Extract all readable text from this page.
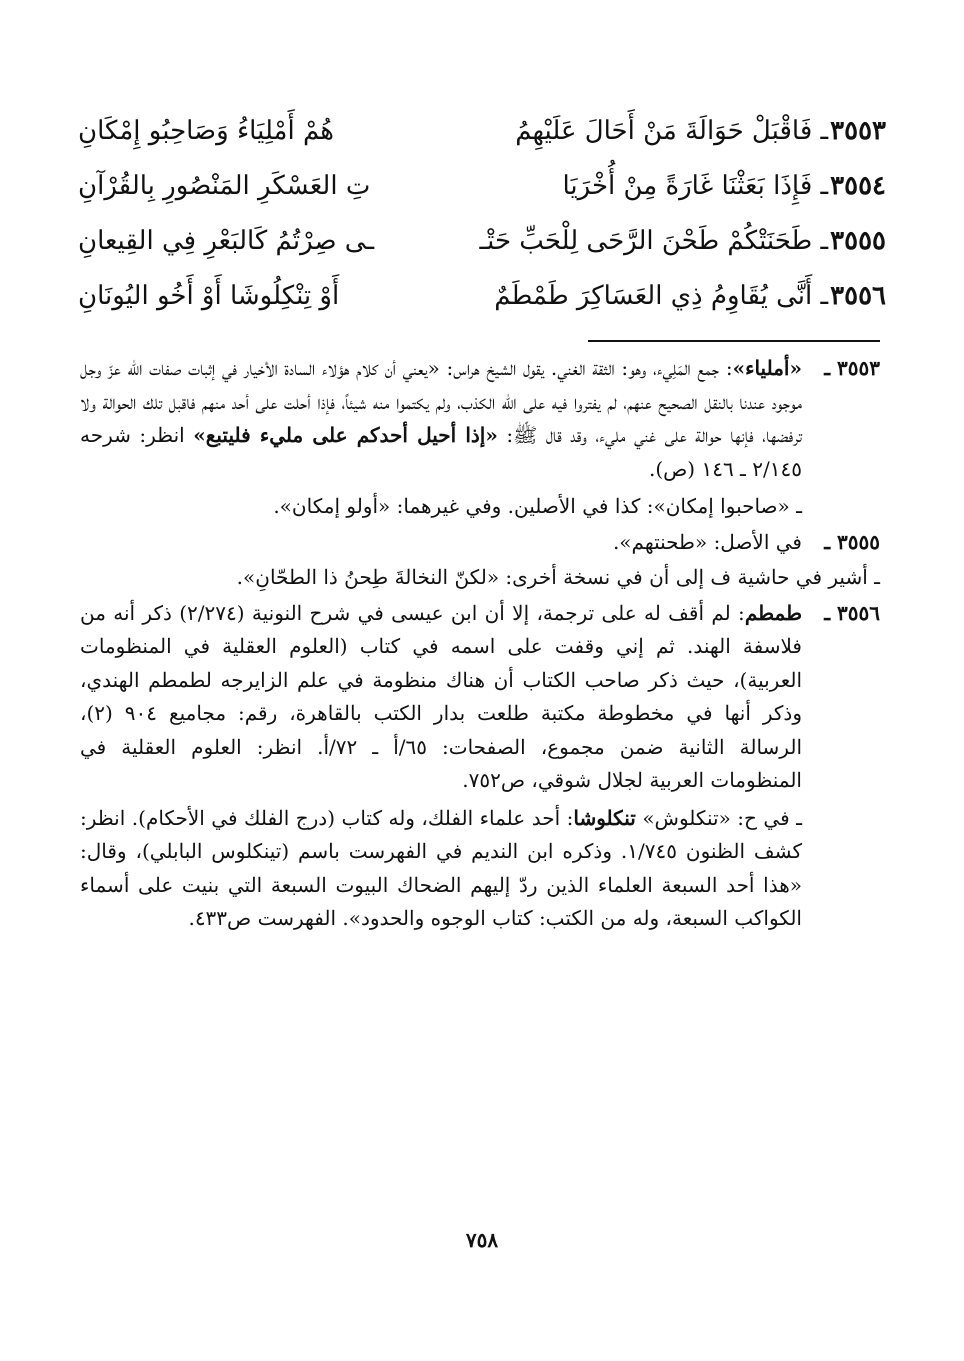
٣٥٥٣
ـ فَاقْبَلْ حَوَالَةَ مَنْ أَحَالَ عَلَيْهِمُ
هُمْ أَمْلِيَاءُ وَصَاحِبُو إِمْكَانِ
٣٥٥٤
ـ فَإِذَا بَعَثْنَا غَارَةً مِنْ أُخْرَيَا
تِ العَسْكَرِ المَنْصُورِ بِالقُرْآنِ
٣٥٥٥
ـ طَحَنَتْكُمْ طَحْنَ الرَّحَى لِلْحَبِّ حَتْـ
ـى صِرْتُمُ كَالبَعْرِ فِي القِيعانِ
٣٥٥٦
ـ أَنَّى يُقَاوِمُ ذِي العَسَاكِرَ طَمْطَمٌ
أَوْ تِنْكِلُوشَا أَوْ أَخُو اليُونَانِ
٣٥٥٣ ـ

«أملياء»: جمع المَلِيء، وهو: الثقة الغني. يقول الشيخ هراس: «يعني أن كلام هؤلاء السادة الأخيار في إثبات صفات الله عزّ وجل موجود عندنا بالنقل الصحيح عنهم، لم يفتروا فيه على الله الكذب، ولم يكتموا منه شيئاً، فإذا أحلت على أحد منهم فاقبل تلك الحوالة ولا ترفضها، فإنها حوالة على غني مليء، وقد قال ﷺ: «إذا أحيل أحدكم على مليء فليتبع» انظر: شرحه ٢/١٤٥ ـ ١٤٦ (ص).

ـ «صاحبوا إمكان»: كذا في الأصلين. وفي غيرهما: «أولو إمكان».

٣٥٥٥ ـ

في الأصل: «طحنتهم».

ـ أشير في حاشية ف إلى أن في نسخة أخرى: «لكنّ النخالةَ طِحنُ ذا الطحّانِ».

٣٥٥٦ ـ

طمطم: لم أقف له على ترجمة، إلا أن ابن عيسى في شرح النونية (٢/٢٧٤) ذكر أنه من فلاسفة الهند. ثم إني وقفت على اسمه في كتاب (العلوم العقلية في المنظومات العربية)، حيث ذكر صاحب الكتاب أن هناك منظومة في علم الزايرجه لطمطم الهندي، وذكر أنها في مخطوطة مكتبة طلعت بدار الكتب بالقاهرة، رقم: مجاميع ٩٠٤ (٢)، الرسالة الثانية ضمن مجموع، الصفحات: ٦٥/أ ـ ٧٢/أ. انظر: العلوم العقلية في المنظومات العربية لجلال شوقي، ص٧٥٢.

ـ في ح: «تنكلوش» تنكلوشا: أحد علماء الفلك، وله كتاب (درج الفلك في الأحكام). انظر: كشف الظنون ١/٧٤٥. وذكره ابن النديم في الفهرست باسم (تينكلوس البابلي)، وقال: «هذا أحد السبعة العلماء الذين ردّ إليهم الضحاك البيوت السبعة التي بنيت على أسماء الكواكب السبعة، وله من الكتب: كتاب الوجوه والحدود». الفهرست ص٤٣٣.

٧٥٨
